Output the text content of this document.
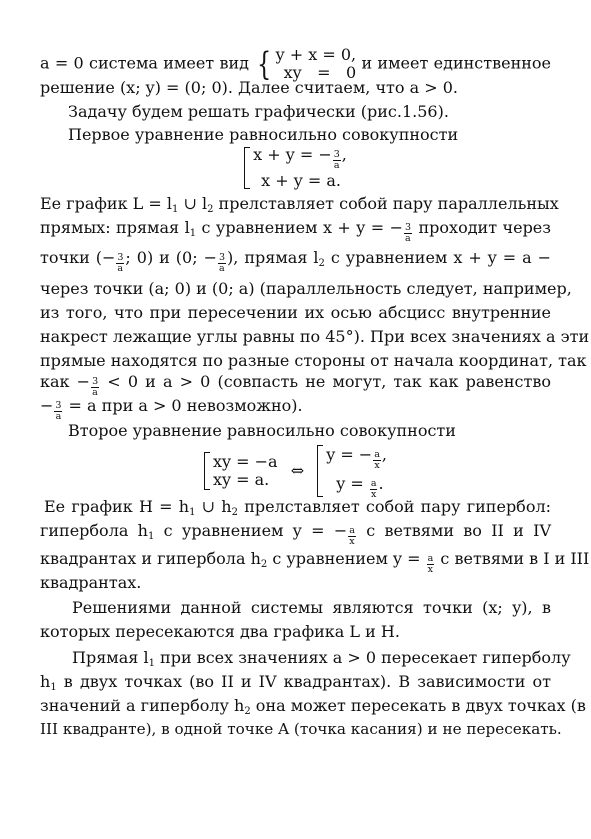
a = 0 система имеет вид { y + x = 0,
xy = 0 и имеет единственное
решение (x; y) = (0; 0). Далее считаем, что a > 0.
Задачу будем решать графически (рис.1.56).
Первое уравнение равносильно совокупности
x + y = − $\frac{3}{a}$ ,
x + y = a.
Ее график $L = l_1$ ∪ $l_2$ прелставляет собой пару параллельных
прямых: прямая $l_1$ с уравнением x + y = − $\frac{3}{a}$ проходит через
точки (− $\frac{3}{a}$ ; 0) и (0; − $\frac{3}{a}$ ), прямая $l_2$ с уравнением x + y = a −
через точки (a; 0) и (0; a) (параллельность следует, например,
из того, что при пересечении их осью абсцисс внутренние
накрест лежащие углы равны по 45°). При всех значениях a эти
прямые находятся по разные стороны от начала координат, так
как − $\frac{3}{a} < 0$ и a > 0 (совпасть не могут, так как равенство
− $\frac{3}{a} = a$ при a > 0 невозможно).
Второе уравнение равносильно совокупности
xy = −a
xy = a.	⇔
y = − $\frac{a}{x}$ ,
$y = \frac{a}{x}$ .
Ее график $H = h_1$ ∪ $h_2$ прелставляет собой пару гипербол:
гипербола $h_1$ с уравнением y = − $\frac{a}{x}$ с ветвями во II и IV
квадрантах и гипербола $h_2$ с уравнением $y = \frac{a}{x}$ с ветвями в I и III
квадрантах.
Решениями данной системы являются точки (x; y), в
которых пересекаются два графика L и H.
Прямая $l_1$ при всех значениях a > 0 пересекает гиперболу
$h_1$ в двух точках (во II и IV квадрантах). В зависимости от
значений a гиперболу $h_2$ она может пересекать в двух точках (в
III квадранте), в одной точке A (точка касания) и не пересекать.
